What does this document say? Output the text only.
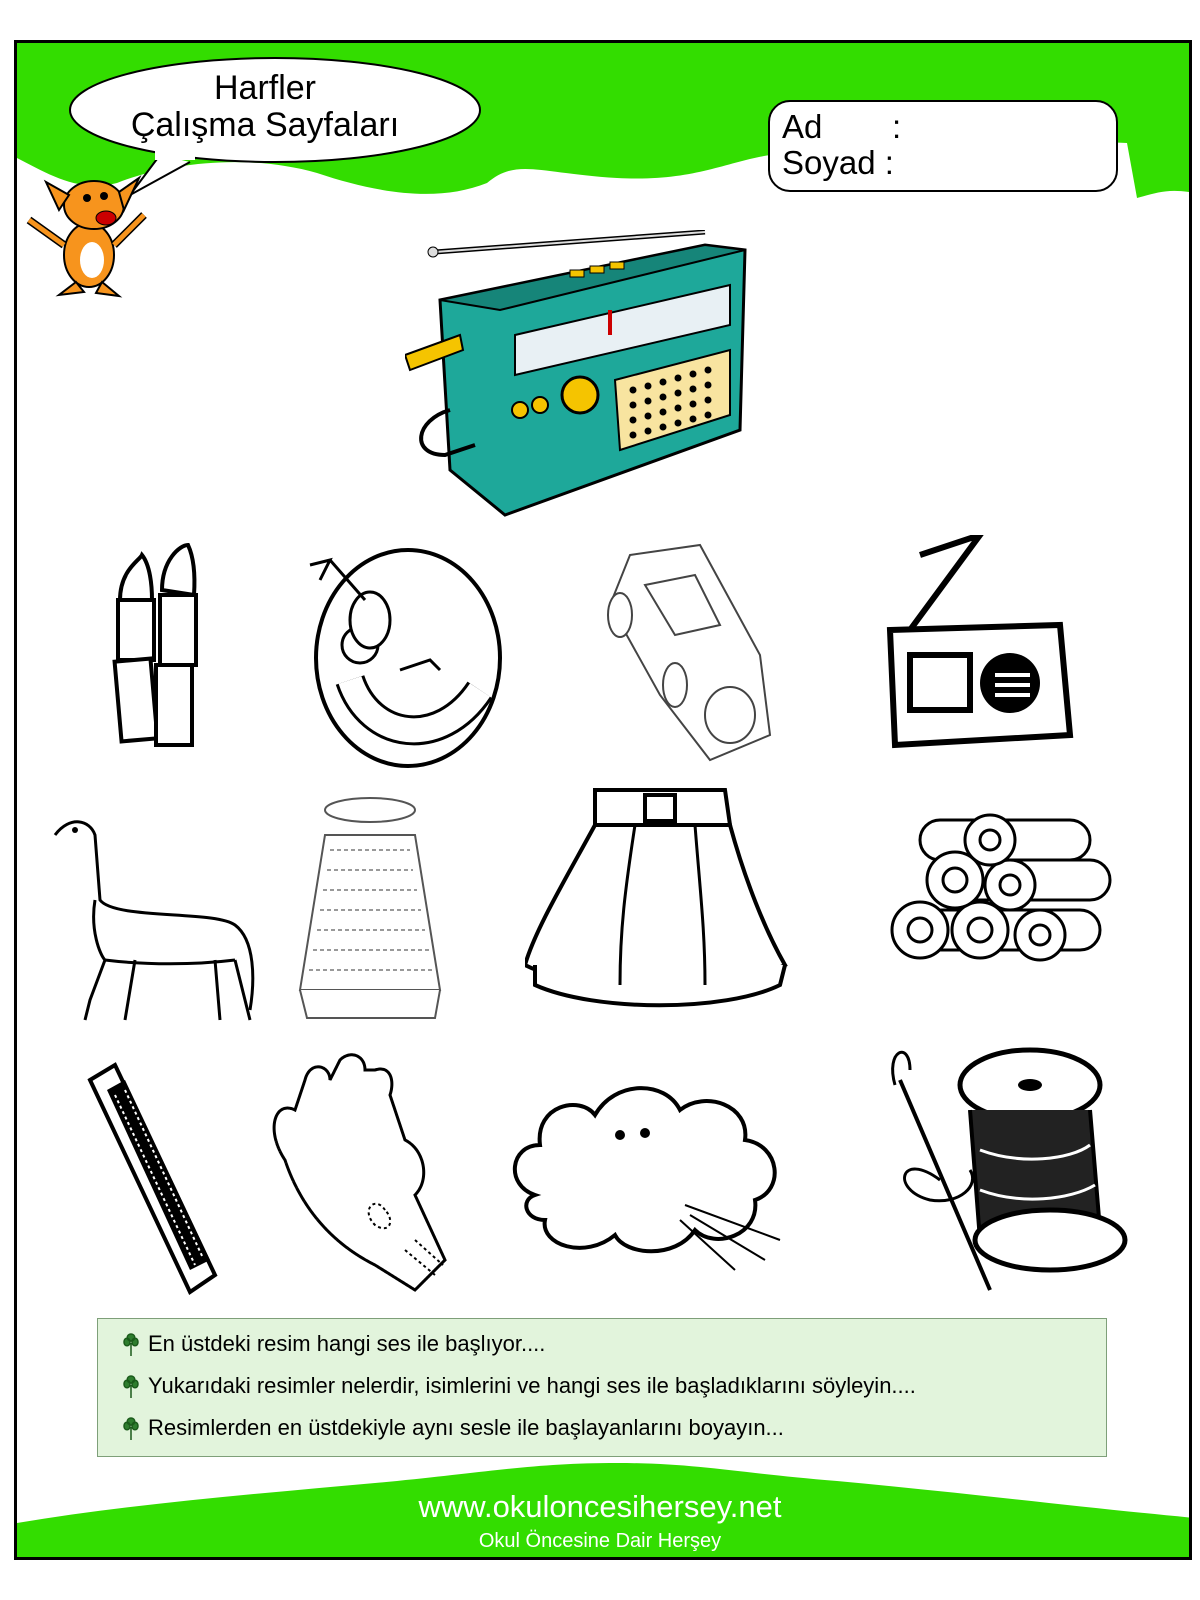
Harfler
Çalışma Sayfaları	Ad :
Soyad :
En üstdeki resim hangi ses ile başlıyor....
Yukarıdaki resimler nelerdir, isimlerini ve hangi ses ile başladıklarını söyleyin....
Resimlerden en üstdekiyle aynı sesle ile başlayanlarını boyayın...
www.okuloncesihersey.net
Okul Öncesine Dair Herşey
